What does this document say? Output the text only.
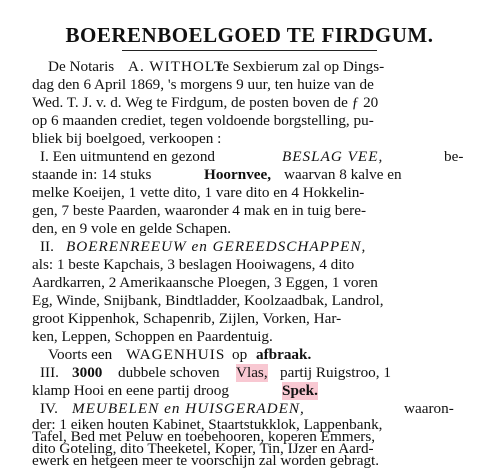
BOERENBOELGOED TE FIRDGUM.
De Notaris A. WITHOLT
te Sexbierum zal op Dings-
dag den 6 April 1869, 's morgens 9 uur, ten huize van de
Wed. T. J. v. d. Weg te Firdgum, de posten boven de ƒ 20
op 6 maanden crediet, tegen voldoende borgstelling, pu-
bliek bij boelgoed, verkoopen :
I. Een uitmuntend en gezond	BESLAG VEE,	be-
staande in: 14 stuks	Hoornvee, waarvan 8 kalve en
melke Koeijen, 1 vette dito, 1 vare dito en 4 Hokkelin-
gen, 7 beste Paarden, waaronder 4 mak en in tuig bere-
den, en 9 vole en gelde Schapen.
II. BOERENREEUW en GEREEDSCHAPPEN,
als: 1 beste Kapchais, 3 beslagen Hooiwagens, 4 dito
Aardkarren, 2 Amerikaansche Ploegen, 3 Eggen, 1 voren
Eg, Winde, Snijbank, Bindtladder, Koolzaadbak, Landrol,
groot Kippenhok, Schapenrib, Zijlen, Vorken, Har-
ken, Leppen, Schoppen en Paardentuig.
Voorts een WAGENHUIS op afbraak.
III. 3000 dubbele schoven Vlas, partij Ruigstroo, 1
klamp Hooi en eene partij droog	Spek.
IV. MEUBELEN en HUISGERADEN,	waaron-
der: 1 eiken houten Kabinet, Staartstukklok, Lappenbank,
Tafel, Bed met Peluw en toebehooren, koperen Emmers,
dito Goteling, dito Theeketel, Koper, Tin, IJzer en Aard-
ewerk en hetgeen meer te voorschijn zal worden gebragt.
